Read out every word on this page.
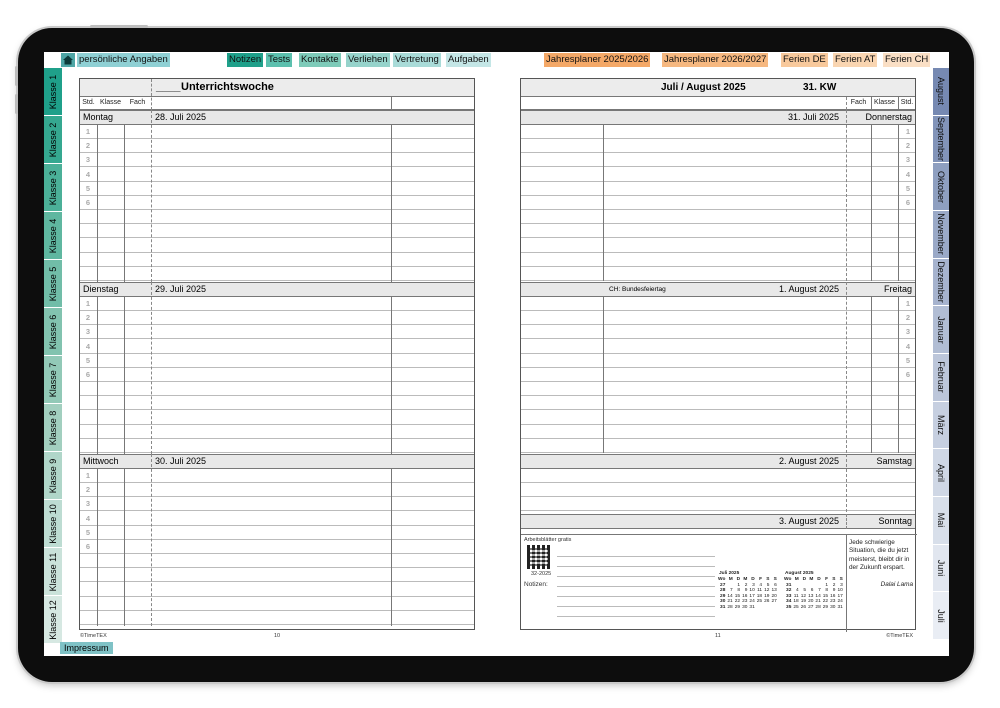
persönliche Angaben	Notizen Tests Kontakte Verliehen Vertretung Aufgaben	Jahresplaner 2025/2026 Jahresplaner 2026/2027 Ferien DE Ferien AT Ferien CH
Klasse 1
Klasse 2
Klasse 3
Klasse 4
Klasse 5
Klasse 6
Klasse 7
Klasse 8
Klasse 9
Klasse 10
Klasse 11
Klasse 12
August
September
Oktober
November
Dezember
Januar
Februar
März
April
Mai
Juni
Juli
Impressum
____ Unterrichtswoche
Std. Klasse	Fach
Montag	28. Juli 2025
1
2
3
4
5
6
Dienstag	29. Juli 2025
1
2
3
4
5
6
Mittwoch	30. Juli 2025
1
2
3
4
5
6
©TimeTEX	10
Juli / August 2025	31. KW
Fach	Klasse Std.
31. Juli 2025	Donnerstag
1
2
3
4
5
6
1. August 2025	Freitag
CH: Bundesfeiertag
1
2
3
4
5
6
2. August 2025	Samstag
3. August 2025	Sonntag
Arbeitsblätter gratis
32-2025
Notizen:
Juli 2025
Wo	M	D	M	D	F	S	S
27		1	2	3	4	5	6
28	7	8	9	10	11	12	13
29	14	15	16	17	18	19	20
30	21	22	23	24	25	26	27
31	28	29	30	31			
August 2025
Wo	M	D	M	D	F	S	S
31					1	2	3
32	4	5	6	7	8	9	10
33	11	12	13	14	15	16	17
34	18	19	20	21	22	23	24
35	25	26	27	28	29	30	31
Jede schwierige Situation, die du jetzt meisterst, bleibt dir in der Zukunft erspart.
Dalai Lama
11	©TimeTEX
